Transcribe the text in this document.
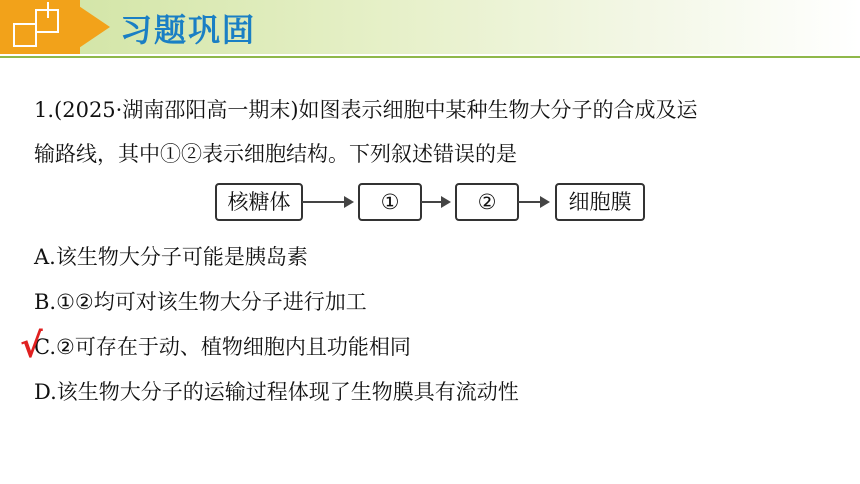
习题巩固
1.(2025·湖南邵阳高一期末)如图表示细胞中某种生物大分子的合成及运
输路线，其中①②表示细胞结构。下列叙述错误的是
核糖体	①	②	细胞膜
A.该生物大分子可能是胰岛素
B.①②均可对该生物大分子进行加工
C.②可存在于动、植物细胞内且功能相同
D.该生物大分子的运输过程体现了生物膜具有流动性
√
